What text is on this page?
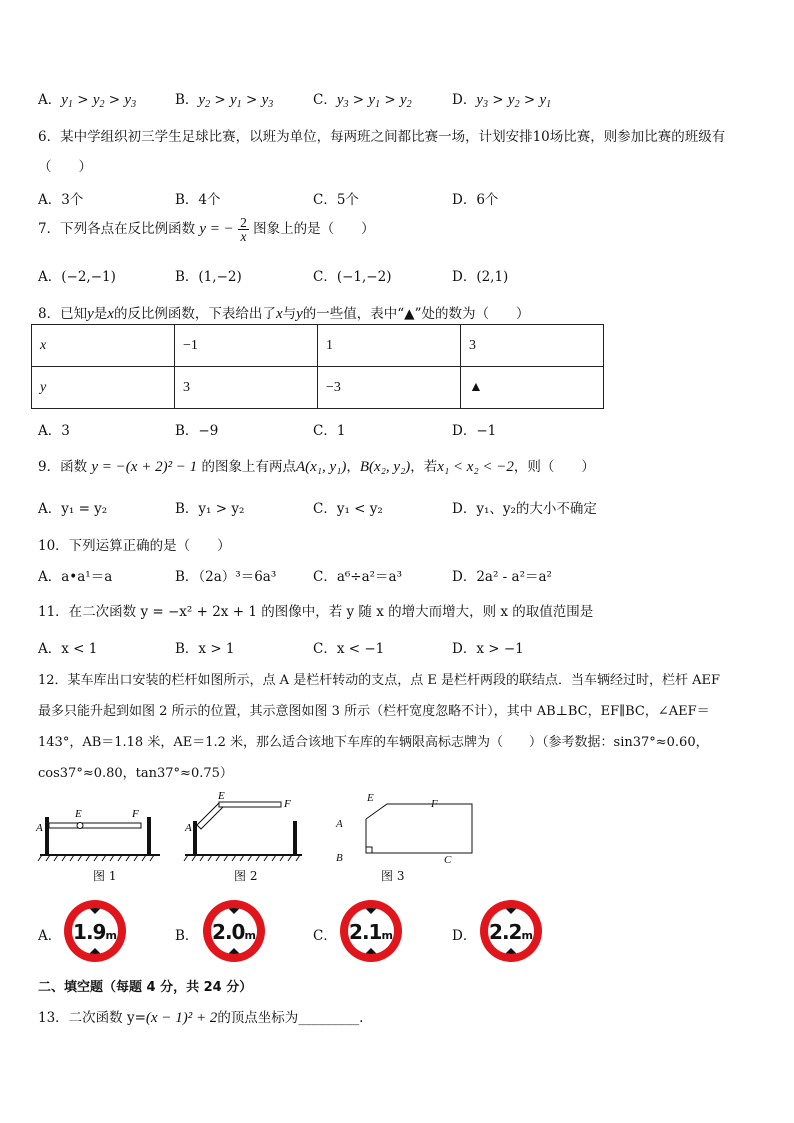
A．$y_1 > y_2 > y_3$	B．$y_2 > y_1 > y_3$	C．$y_3 > y_1 > y_2$	D．$y_3 > y_2 > y_1$
6．某中学组织初三学生足球比赛，以班为单位，每两班之间都比赛一场，计划安排10场比赛，则参加比赛的班级有
（　　）
A．3个	B．4个	C．5个	D．6个
7．下列各点在反比例函数 y = − $\frac{2}{x}$ 图象上的是（　　）
A．(−2,−1)	B．(1,−2)	C．(−1,−2)	D．(2,1)
8．已知y是x的反比例函数，下表给出了x与y的一些值，表中“▲”处的数为（　　）
x	−1	1	3
y	3	−3	▲
A．3	B．−9	C．1	D．−1
9．函数 y = −(x + 2)² − 1 的图象上有两点A(x₁, y₁)，B(x₂, y₂)，若x₁ < x₂ < −2，则（　　）
A．y₁ = y₂	B．y₁ > y₂	C．y₁ < y₂	D．y₁、y₂的大小不确定
10．下列运算正确的是（　　）
A．a•a¹＝a	B．（2a）³＝6a³	C．a⁶÷a²＝a³	D．2a² - a²＝a²
11．在二次函数 y = −x² + 2x + 1 的图像中，若 y 随 x 的增大而增大，则 x 的取值范围是
A．x < 1	B．x > 1	C．x < −1	D．x > −1
12．某车库出口安装的栏杆如图所示，点 A 是栏杆转动的支点，点 E 是栏杆两段的联结点．当车辆经过时，栏杆 AEF
最多只能升起到如图 2 所示的位置，其示意图如图 3 所示（栏杆宽度忽略不计），其中 AB⊥BC，EF∥BC，∠AEF＝
143°，AB＝1.18 米，AE＝1.2 米，那么适合该地下车库的车辆限高标志牌为（　　）（参考数据：sin37°≈0.60，
cos37°≈0.80，tan37°≈0.75）
E	F
A
E
F
A
E	F
A
B	C
图 1	图 2	图 3
A． 1.9m	B． 2.0m	C． 2.1m	D． 2.2m
二、填空题（每题 4 分，共 24 分）
13．二次函数 y=(x − 1)² + 2的顶点坐标为_________.
